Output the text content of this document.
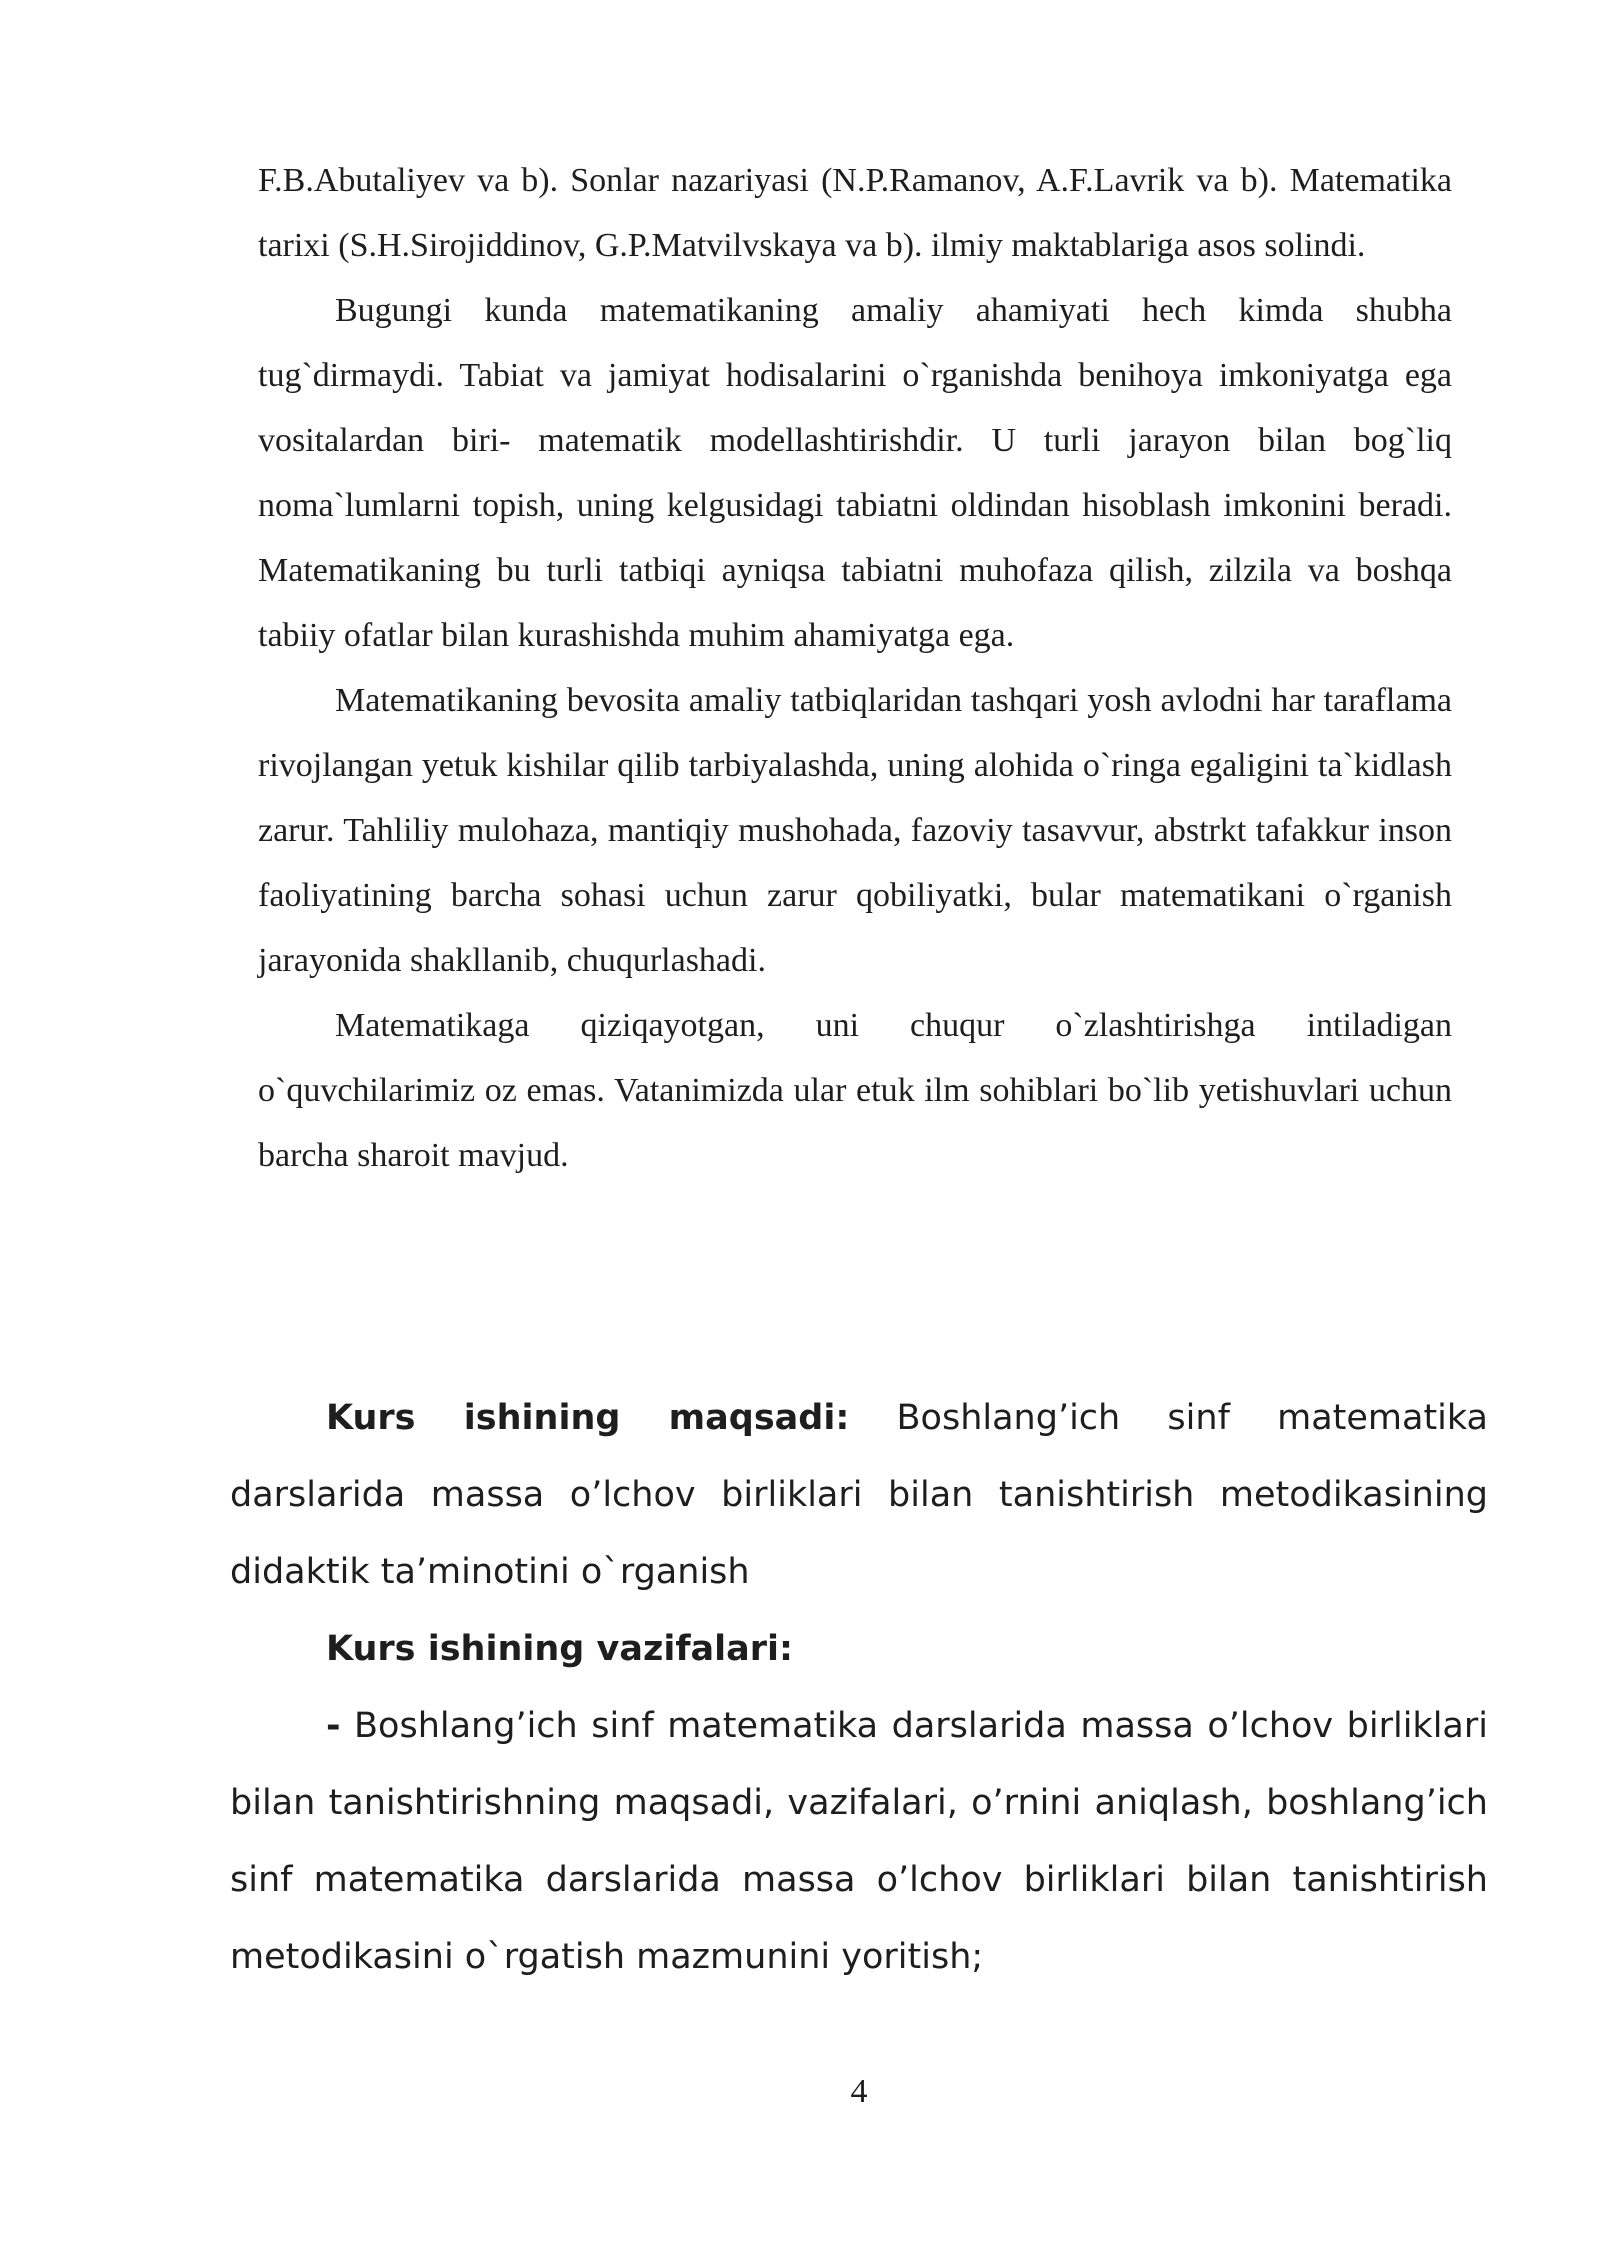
F.B.Abutaliyev va b). Sonlar nazariyasi (N.P.Ramanov, A.F.Lavrik va b). Matematika tarixi (S.H.Sirojiddinov, G.P.Matvilvskaya va b). ilmiy maktablariga asos solindi.

Bugungi kunda matematikaning amaliy ahamiyati hech kimda shubha tug`dirmaydi. Tabiat va jamiyat hodisalarini o`rganishda benihoya imkoniyatga ega vositalardan biri- matematik modellashtirishdir. U turli jarayon bilan bog`liq noma`lumlarni topish, uning kelgusidagi tabiatni oldindan hisoblash imkonini beradi. Matematikaning bu turli tatbiqi ayniqsa tabiatni muhofaza qilish, zilzila va boshqa tabiiy ofatlar bilan kurashishda muhim ahamiyatga ega.

Matematikaning bevosita amaliy tatbiqlaridan tashqari yosh avlodni har taraflama rivojlangan yetuk kishilar qilib tarbiyalashda, uning alohida o`ringa egaligini ta`kidlash zarur. Tahliliy mulohaza, mantiqiy mushohada, fazoviy tasavvur, abstrkt tafakkur inson faoliyatining barcha sohasi uchun zarur qobiliyatki, bular matematikani o`rganish jarayonida shakllanib, chuqurlashadi.

Matematikaga qiziqayotgan, uni chuqur o`zlashtirishga intiladigan o`quvchilarimiz oz emas. Vatanimizda ular etuk ilm sohiblari bo`lib yetishuvlari uchun barcha sharoit mavjud.

Kurs ishining maqsadi: Boshlang’ich sinf matematika darslarida massa o’lchov birliklari bilan tanishtirish metodikasining didaktik ta’minotini o`rganish

Kurs ishining vazifalari:

- Boshlang’ich sinf matematika darslarida massa o’lchov birliklari bilan tanishtirishning maqsadi, vazifalari, o’rnini aniqlash, boshlang’ich sinf matematika darslarida massa o’lchov birliklari bilan tanishtirish metodikasini o`rgatish mazmunini yoritish;

4
